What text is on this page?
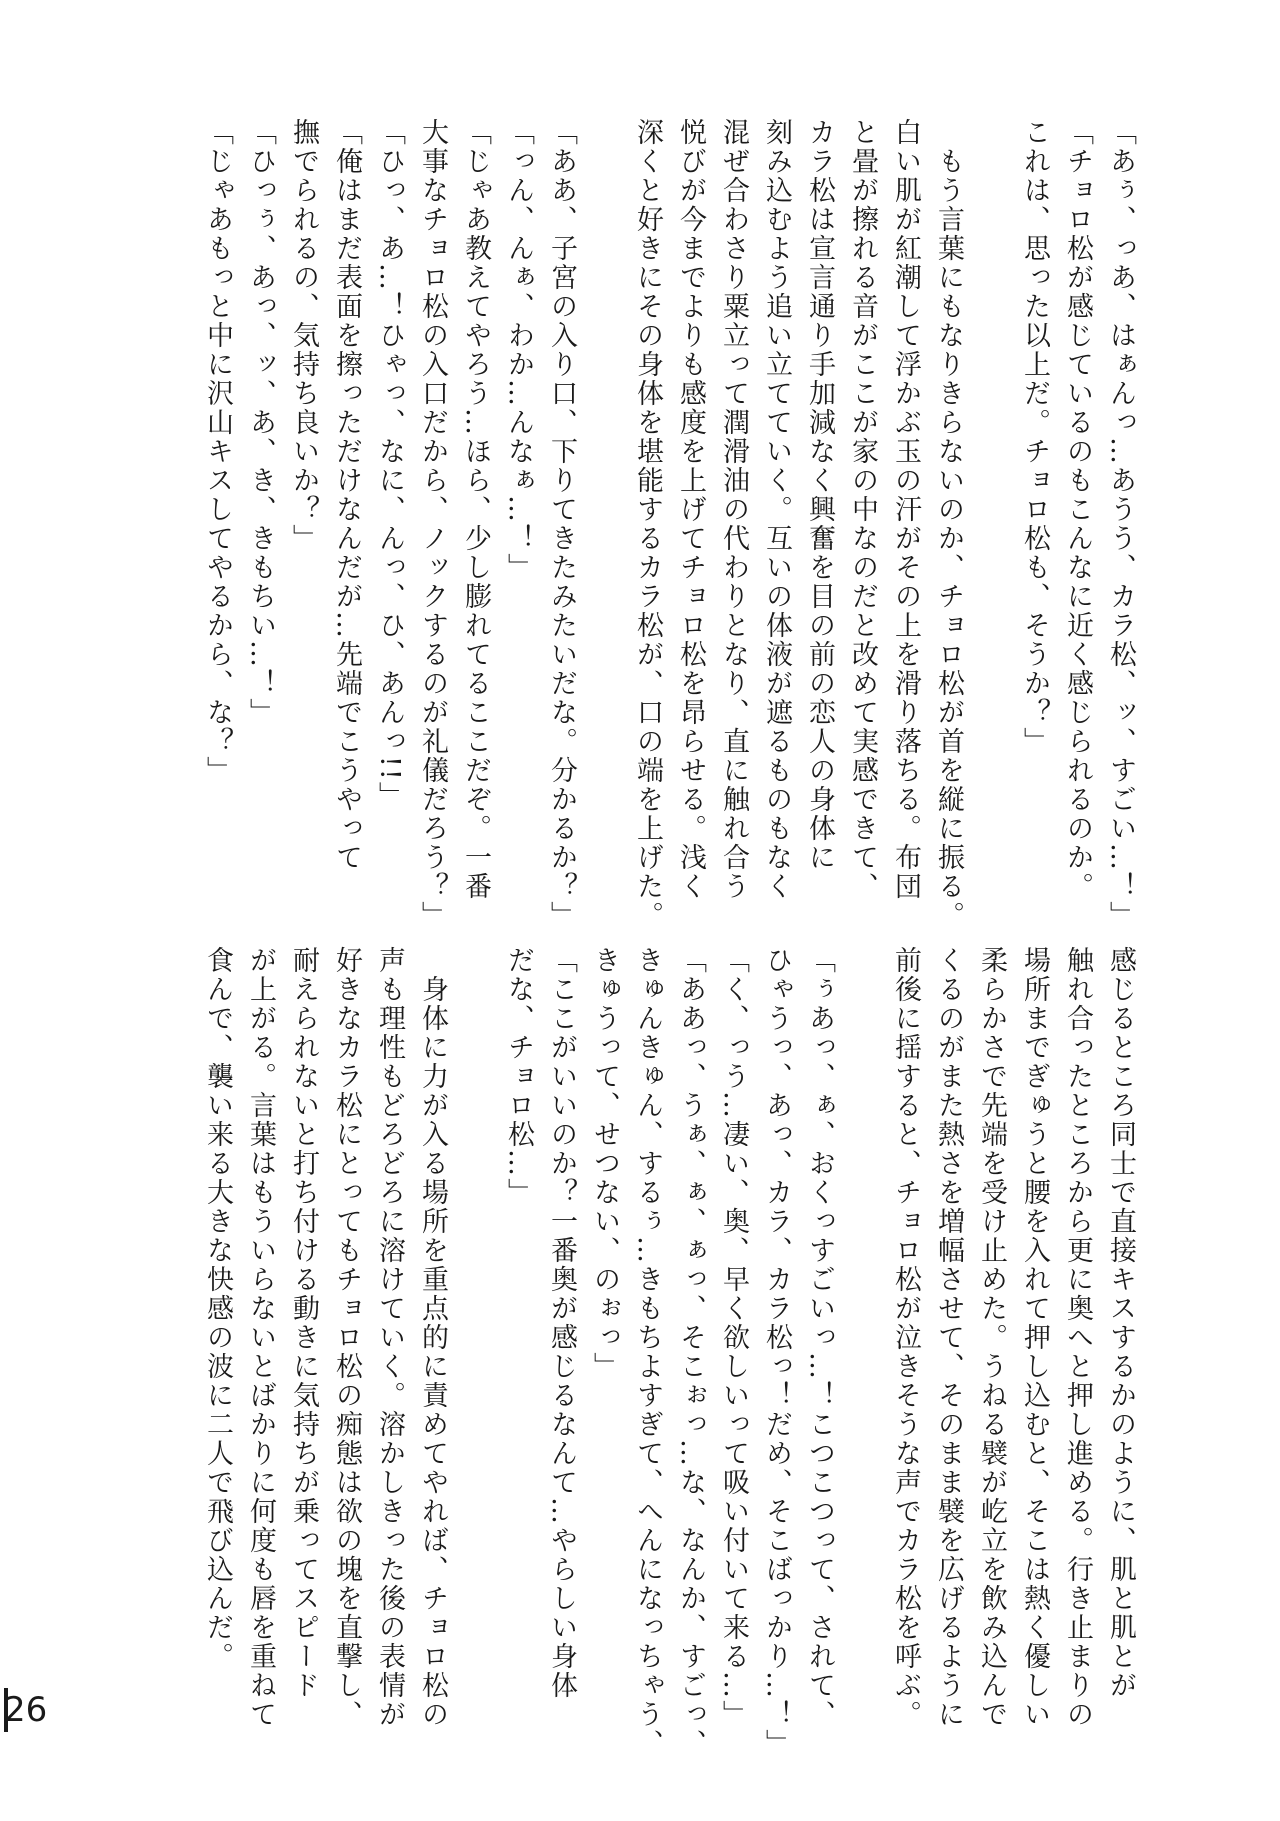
「あぅ、っあ、はぁんっ…あうう、カラ松、ッ、すごい…！」
「チョロ松が感じているのもこんなに近く感じられるのか。
これは、思った以上だ。チョロ松も、そうか？」

　もう言葉にもなりきらないのか、チョロ松が首を縦に振る。
白い肌が紅潮して浮かぶ玉の汗がその上を滑り落ちる。布団
と畳が擦れる音がここが家の中なのだと改めて実感できて、
カラ松は宣言通り手加減なく興奮を目の前の恋人の身体に
刻み込むよう追い立てていく。互いの体液が遮るものもなく
混ぜ合わさり粟立って潤滑油の代わりとなり、直に触れ合う
悦びが今までよりも感度を上げてチョロ松を昂らせる。浅く
深くと好きにその身体を堪能するカラ松が、口の端を上げた。

「ああ、子宮の入り口、下りてきたみたいだな。分かるか？」
「っん、んぁ、わか…んなぁ…！」
「じゃあ教えてやろう…ほら、少し膨れてるここだぞ。一番
大事なチョロ松の入口だから、ノックするのが礼儀だろう？」
「ひっ、あ…！ひゃっ、なに、んっ、ひ、あんっ!!」
「俺はまだ表面を擦っただけなんだが…先端でこうやって
撫でられるの、気持ち良いか？」
「ひっぅ、あっ、ッ、あ、き、きもちい…！」
「じゃあもっと中に沢山キスしてやるから、な？」
感じるところ同士で直接キスするかのように、肌と肌とが
触れ合ったところから更に奥へと押し進める。行き止まりの
場所までぎゅうと腰を入れて押し込むと、そこは熱く優しい
柔らかさで先端を受け止めた。うねる襞が屹立を飲み込んで
くるのがまた熱さを増幅させて、そのまま襞を広げるように
前後に揺すると、チョロ松が泣きそうな声でカラ松を呼ぶ。

「ぅあっ、ぁ、おくっすごいっ…！こつこつって、されて、
ひゃうっ、あっ、カラ、カラ松っ！だめ、そこばっかり…！」
「く、っう…凄い、奥、早く欲しいって吸い付いて来る…」
「ああっ、うぁ、ぁ、ぁっ、そこぉっ…な、なんか、すごっ、
きゅんきゅん、するぅ…きもちよすぎて、へんになっちゃう、
きゅうって、せつない、のぉっ」
「ここがいいのか？一番奥が感じるなんて…やらしい身体
だな、チョロ松…」

　身体に力が入る場所を重点的に責めてやれば、チョロ松の
声も理性もどろどろに溶けていく。溶かしきった後の表情が
好きなカラ松にとってもチョロ松の痴態は欲の塊を直撃し、
耐えられないと打ち付ける動きに気持ちが乗ってスピード
が上がる。言葉はもういらないとばかりに何度も唇を重ねて
食んで、襲い来る大きな快感の波に二人で飛び込んだ。
26
